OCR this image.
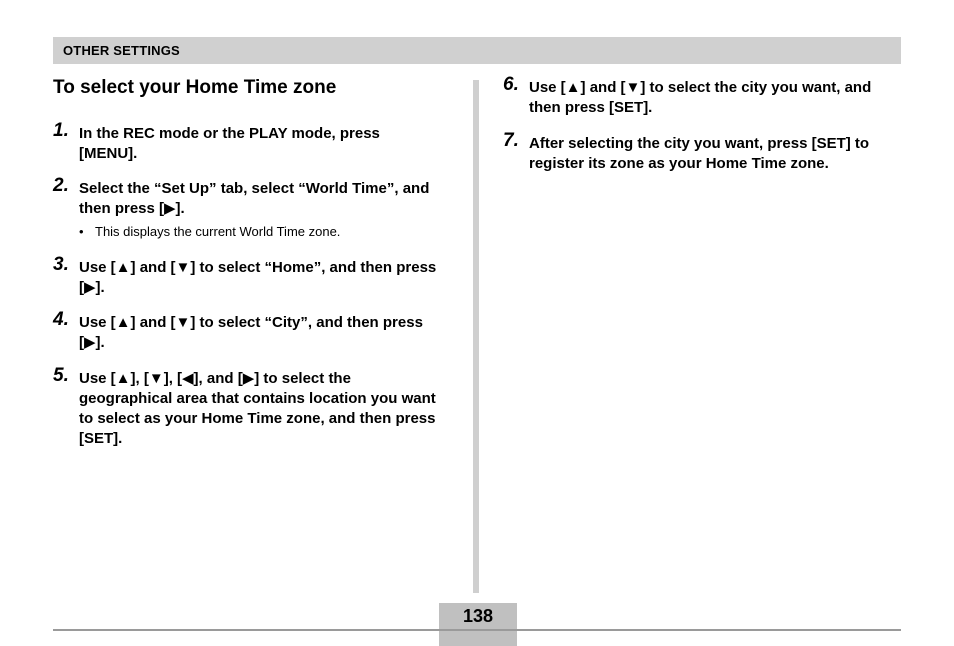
OTHER SETTINGS
To select your Home Time zone
1. In the REC mode or the PLAY mode, press [MENU].
2. Select the “Set Up” tab, select “World Time”, and then press [▶].
• This displays the current World Time zone.
3. Use [▲] and [▼] to select “Home”, and then press [▶].
4. Use [▲] and [▼] to select “City”, and then press [▶].
5. Use [▲], [▼], [◀], and [▶] to select the geographical area that contains location you want to select as your Home Time zone, and then press [SET].
6. Use [▲] and [▼] to select the city you want, and then press [SET].
7. After selecting the city you want, press [SET] to register its zone as your Home Time zone.
138
